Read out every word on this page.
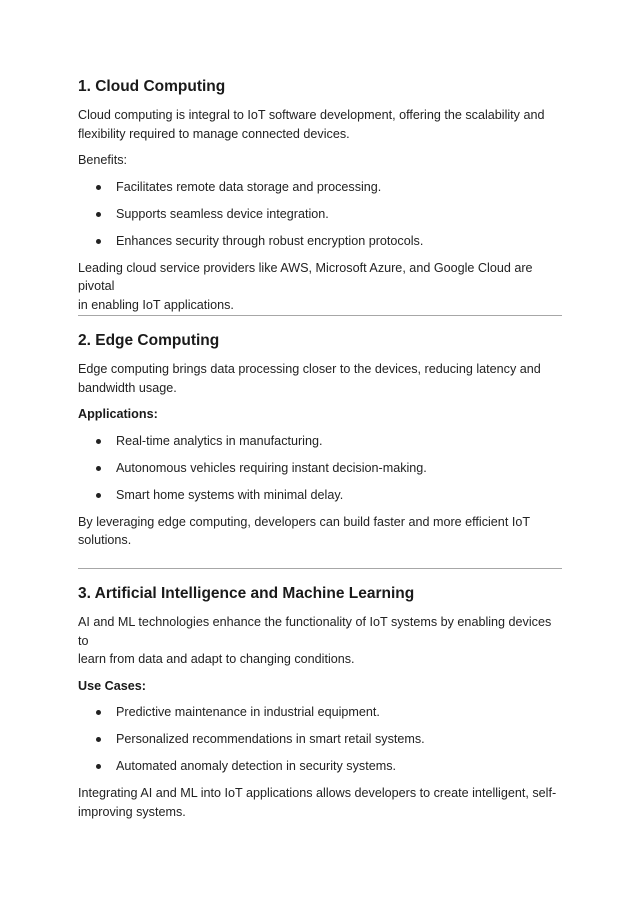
1. Cloud Computing

Cloud computing is integral to IoT software development, offering the scalability and
flexibility required to manage connected devices.

Benefits:

Facilitates remote data storage and processing.
Supports seamless device integration.
Enhances security through robust encryption protocols.

Leading cloud service providers like AWS, Microsoft Azure, and Google Cloud are pivotal
in enabling IoT applications.

2. Edge Computing

Edge computing brings data processing closer to the devices, reducing latency and
bandwidth usage.

Applications:

Real-time analytics in manufacturing.
Autonomous vehicles requiring instant decision-making.
Smart home systems with minimal delay.

By leveraging edge computing, developers can build faster and more efficient IoT
solutions.

3. Artificial Intelligence and Machine Learning

AI and ML technologies enhance the functionality of IoT systems by enabling devices to
learn from data and adapt to changing conditions.

Use Cases:

Predictive maintenance in industrial equipment.
Personalized recommendations in smart retail systems.
Automated anomaly detection in security systems.

Integrating AI and ML into IoT applications allows developers to create intelligent, self-
improving systems.
